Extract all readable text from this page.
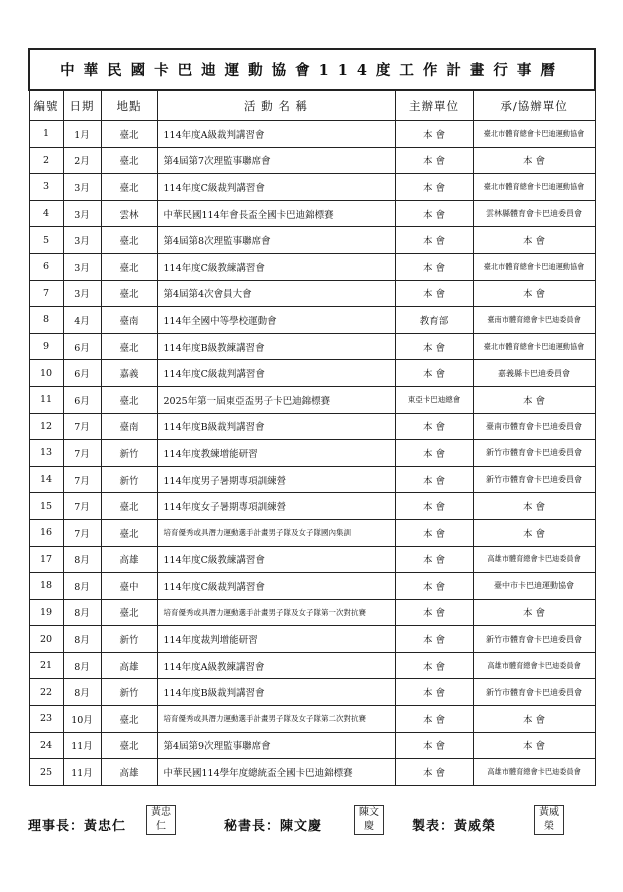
中華民國卡巴迪運動協會114度工作計畫行事曆					
編號	日期	地點	活 動 名 稱	主辦單位	承/協辦單位
1	1月	臺北	114年度A級裁判講習會	本 會	臺北市體育總會卡巴迪運動協會
2	2月	臺北	第4屆第7次理監事聯席會	本 會	本 會
3	3月	臺北	114年度C級裁判講習會	本 會	臺北市體育總會卡巴迪運動協會
4	3月	雲林	中華民國114年會長盃全國卡巴迪錦標賽	本 會	雲林縣體育會卡巴迪委員會
5	3月	臺北	第4屆第8次理監事聯席會	本 會	本 會
6	3月	臺北	114年度C級教練講習會	本 會	臺北市體育總會卡巴迪運動協會
7	3月	臺北	第4屆第4次會員大會	本 會	本 會
8	4月	臺南	114年全國中等學校運動會	教育部	臺南市體育總會卡巴迪委員會
9	6月	臺北	114年度B級教練講習會	本 會	臺北市體育總會卡巴迪運動協會
10	6月	嘉義	114年度C級裁判講習會	本 會	嘉義縣卡巴迪委員會
11	6月	臺北	2025年第一屆東亞盃男子卡巴迪錦標賽	東亞卡巴迪總會	本 會
12	7月	臺南	114年度B級裁判講習會	本 會	臺南市體育會卡巴迪委員會
13	7月	新竹	114年度教練增能研習	本 會	新竹市體育會卡巴迪委員會
14	7月	新竹	114年度男子暑期專項訓練營	本 會	新竹市體育會卡巴迪委員會
15	7月	臺北	114年度女子暑期專項訓練營	本 會	本 會
16	7月	臺北	培育優秀或具潛力運動選手計畫男子隊及女子隊國內集訓	本 會	本 會
17	8月	高雄	114年度C級教練講習會	本 會	高雄市體育總會卡巴迪委員會
18	8月	臺中	114年度C級裁判講習會	本 會	臺中市卡巴迪運動協會
19	8月	臺北	培育優秀或具潛力運動選手計畫男子隊及女子隊第一次對抗賽	本 會	本 會
20	8月	新竹	114年度裁判增能研習	本 會	新竹市體育會卡巴迪委員會
21	8月	高雄	114年度A級教練講習會	本 會	高雄市體育總會卡巴迪委員會
22	8月	新竹	114年度B級裁判講習會	本 會	新竹市體育會卡巴迪委員會
23	10月	臺北	培育優秀或具潛力運動選手計畫男子隊及女子隊第二次對抗賽	本 會	本 會
24	11月	臺北	第4屆第9次理監事聯席會	本 會	本 會
25	11月	高雄	中華民國114學年度總統盃全國卡巴迪錦標賽	本 會	高雄市體育總會卡巴迪委員會
理事長：黃忠仁
黃忠仁	秘書長：陳文慶
陳文慶	製表：黃威榮
黃威榮
